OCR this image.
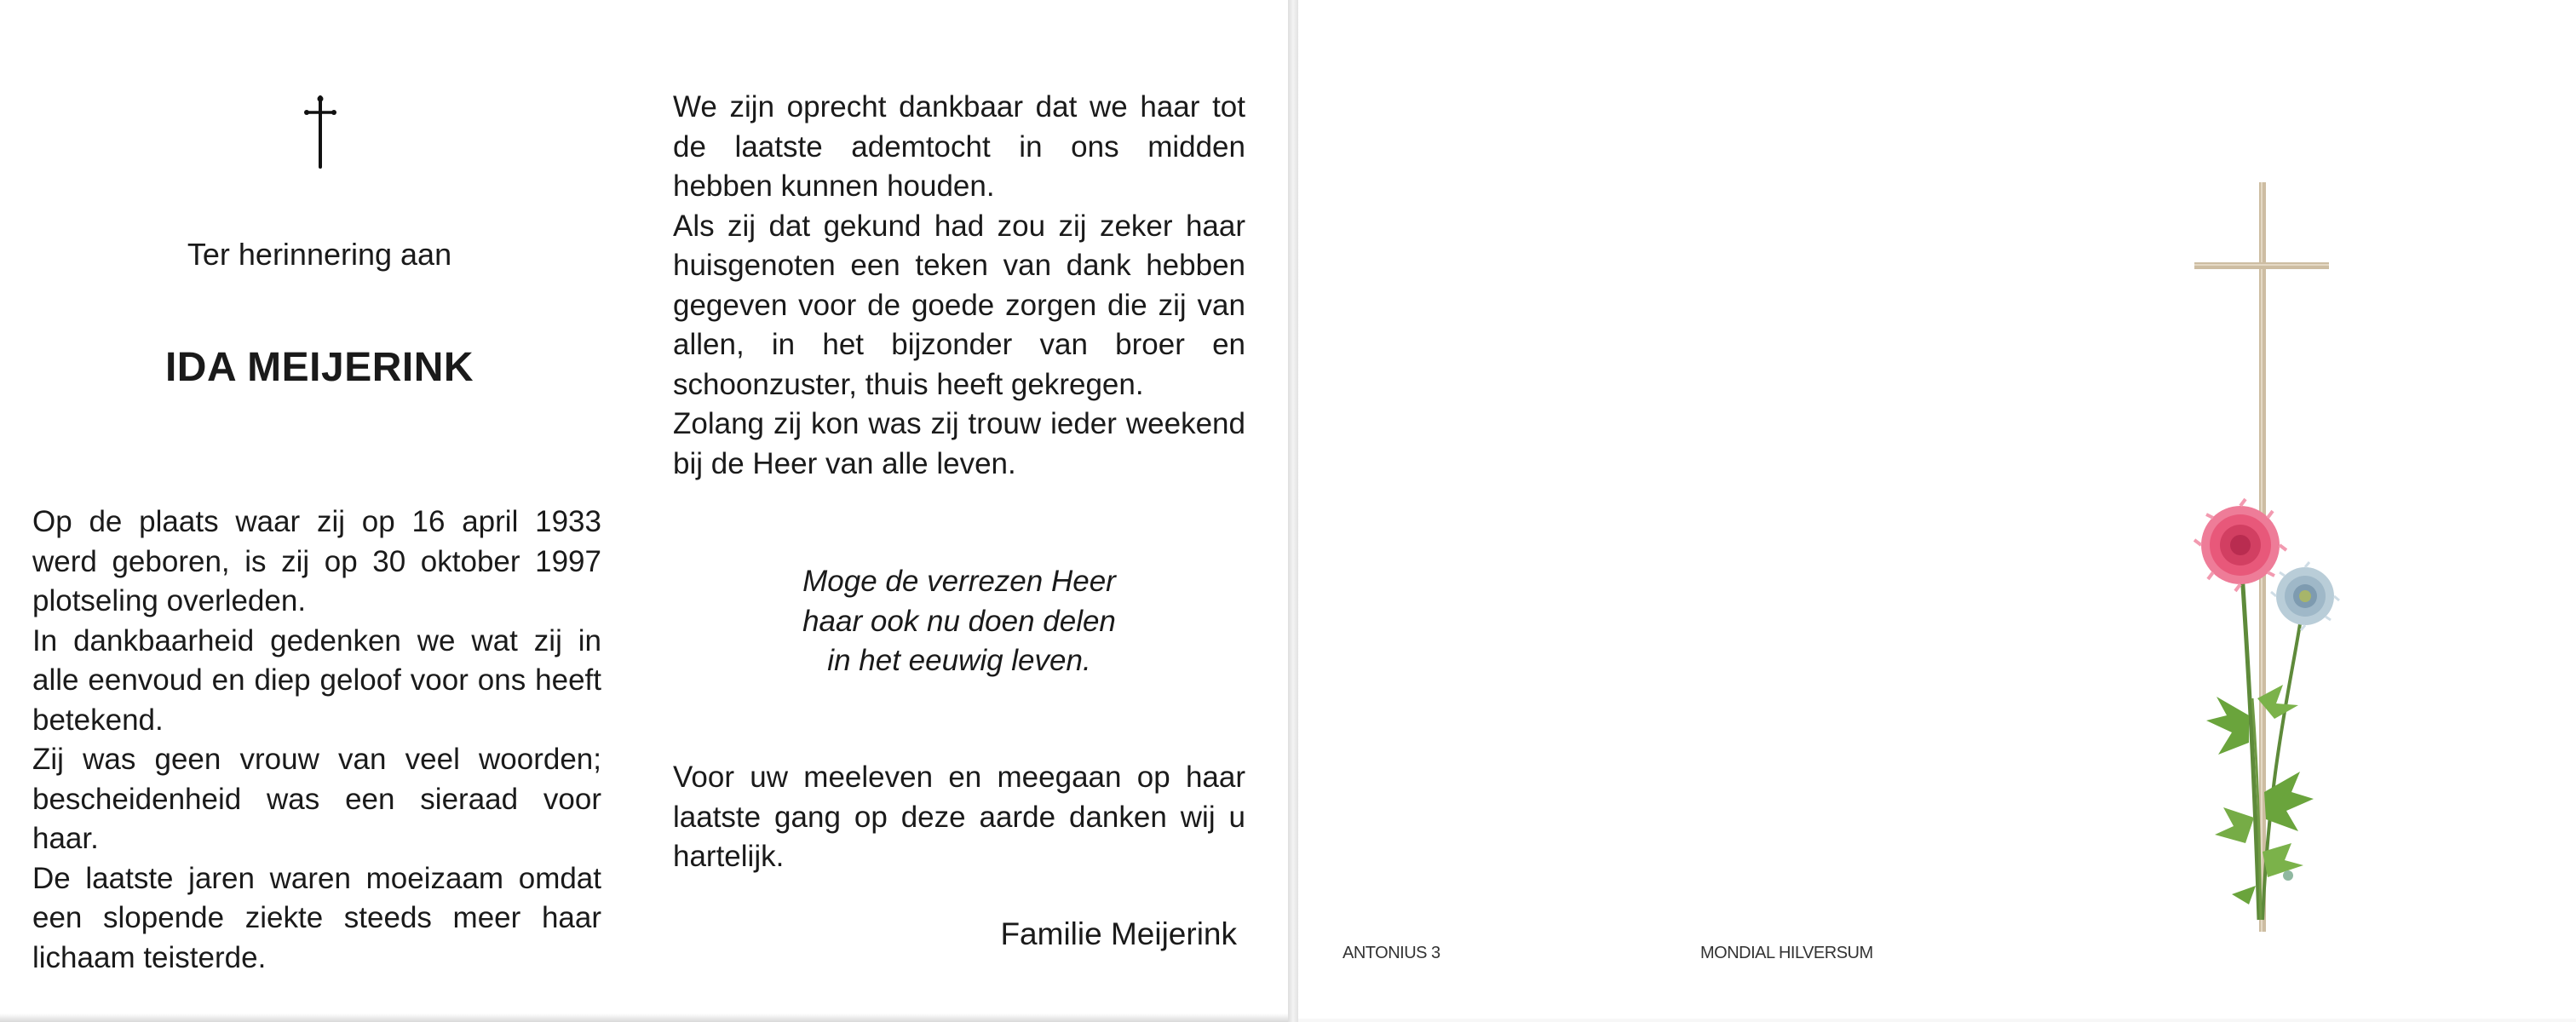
Ter herinnering aan
IDA MEIJERINK

Op de plaats waar zij op 16 april 1933 werd geboren, is zij op 30 oktober 1997 plotseling overleden.

In dankbaarheid gedenken we wat zij in alle eenvoud en diep geloof voor ons heeft betekend.

Zij was geen vrouw van veel woorden; bescheidenheid was een sieraad voor haar.

De laatste jaren waren moeizaam omdat een slopende ziekte steeds meer haar lichaam teisterde.

We zijn oprecht dankbaar dat we haar tot de laatste ademtocht in ons midden hebben kunnen houden.

Als zij dat gekund had zou zij zeker haar huisgenoten een teken van dank hebben gegeven voor de goede zorgen die zij van allen, in het bijzonder van broer en schoonzuster, thuis heeft gekregen.

Zolang zij kon was zij trouw ieder weekend bij de Heer van alle leven.

Moge de verrezen Heer
haar ook nu doen delen
in het eeuwig leven.
Voor uw meeleven en meegaan op haar laatste gang op deze aarde danken wij u hartelijk.
Familie Meijerink
ANTONIUS 3	MONDIAL HILVERSUM
